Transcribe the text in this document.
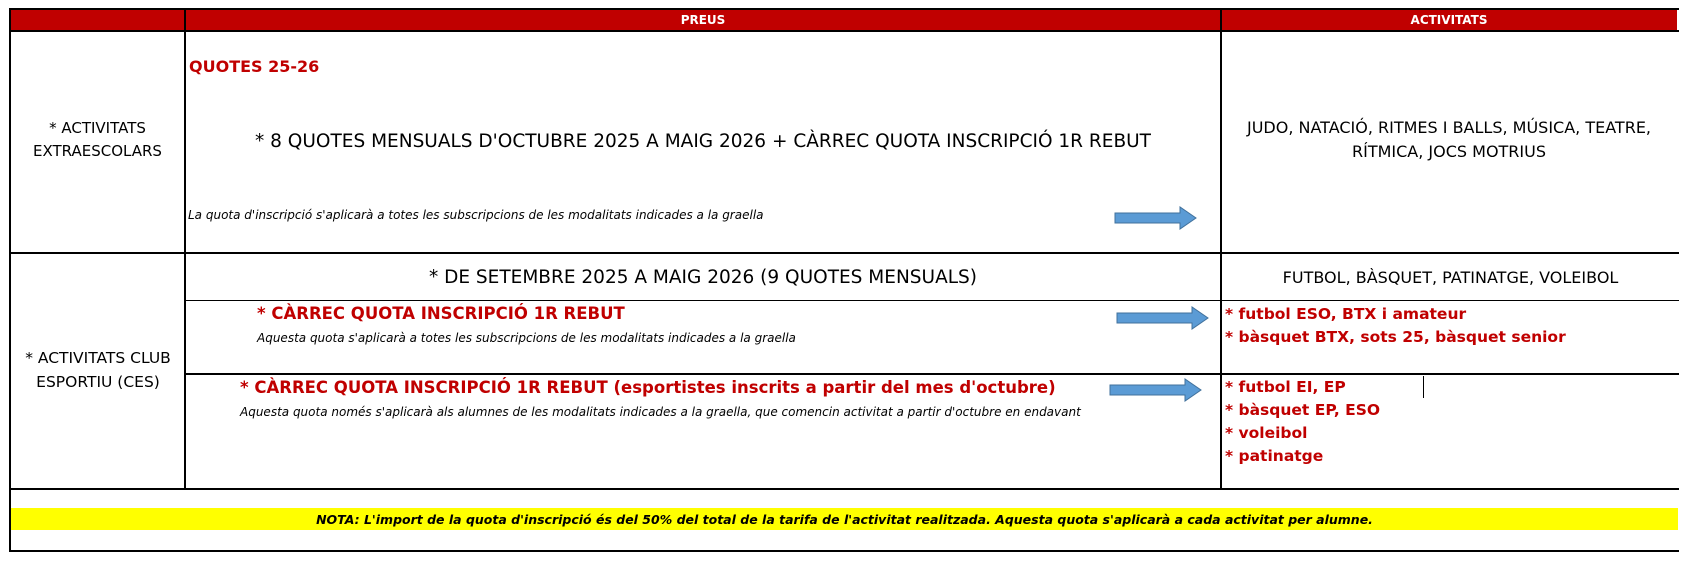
PREUS	ACTIVITATS
* ACTIVITATS EXTRAESCOLARS
QUOTES 25-26
* 8 QUOTES MENSUALS D'OCTUBRE 2025 A MAIG 2026 + CÀRREC QUOTA INSCRIPCIÓ 1R REBUT
La quota d'inscripció s'aplicarà a totes les subscripcions de les modalitats indicades a la graella
JUDO, NATACIÓ, RITMES I BALLS, MÚSICA, TEATRE, RÍTMICA, JOCS MOTRIUS
* ACTIVITATS CLUB ESPORTIU (CES)
* DE SETEMBRE 2025 A MAIG 2026 (9 QUOTES MENSUALS)	FUTBOL, BÀSQUET, PATINATGE, VOLEIBOL
* CÀRREC QUOTA INSCRIPCIÓ 1R REBUT
Aquesta quota s'aplicarà a totes les subscripcions de les modalitats indicades a la graella
* futbol ESO, BTX i amateur
* bàsquet BTX, sots 25, bàsquet senior
* CÀRREC QUOTA INSCRIPCIÓ 1R REBUT (esportistes inscrits a partir del mes d'octubre)
Aquesta quota només s'aplicarà als alumnes de les modalitats indicades a la graella, que comencin activitat a partir d'octubre en endavant
* futbol EI, EP
* bàsquet EP, ESO
* voleibol
* patinatge
NOTA: L'import de la quota d'inscripció és del 50% del total de la tarifa de l'activitat realitzada. Aquesta quota s'aplicarà a cada activitat per alumne.
